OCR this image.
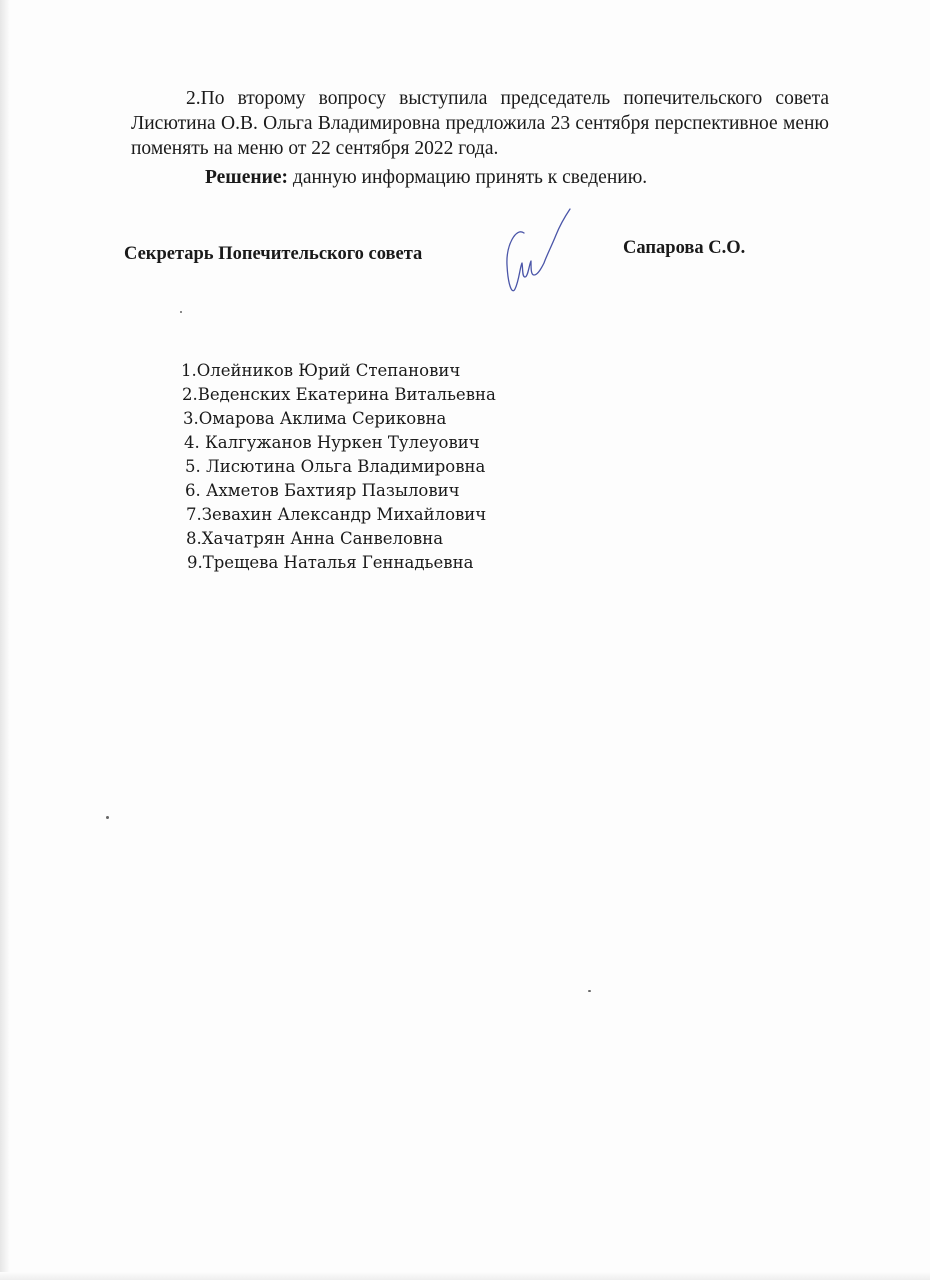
2.По второму вопросу выступила председатель попечительского совета Лисютина О.В. Ольга Владимировна предложила 23 сентября перспективное меню поменять на меню от 22 сентября 2022 года.

Решение: данную информацию принять к сведению.

Секретарь Попечительского совета	Сапарова С.О.
1.Олейников Юрий Степанович
2.Веденских Екатерина Витальевна
3.Омарова Аклима Сериковна
4. Калгужанов Нуркен Тулеуович
5. Лисютина Ольга Владимировна
6. Ахметов Бахтияр Пазылович
7.Зевахин Александр Михайлович
8.Хачатрян Анна Санвеловна
9.Трещева Наталья Геннадьевна
